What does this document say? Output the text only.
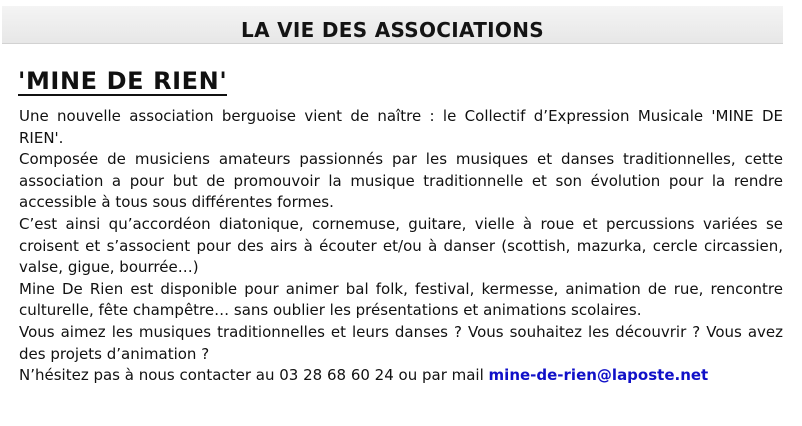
LA VIE DES ASSOCIATIONS
'MINE DE RIEN'

Une nouvelle association berguoise vient de naître : le Collectif d’Expression Musicale 'MINE DE RIEN'.

Composée de musiciens amateurs passionnés par les musiques et danses traditionnelles, cette association a pour but de promouvoir la musique traditionnelle et son évolution pour la rendre accessible à tous sous différentes formes.

C’est ainsi qu’accordéon diatonique, cornemuse, guitare, vielle à roue et percussions variées se croisent et s’associent pour des airs à écouter et/ou à danser (scottish, mazurka, cercle circassien, valse, gigue, bourrée…)

Mine De Rien est disponible pour animer bal folk, festival, kermesse, animation de rue, rencontre culturelle, fête champêtre… sans oublier les présentations et animations scolaires.

Vous aimez les musiques traditionnelles et leurs danses ? Vous souhaitez les découvrir ? Vous avez des projets d’animation ?

N’hésitez pas à nous contacter au 03 28 68 60 24 ou par mail mine-de-rien@laposte.net
